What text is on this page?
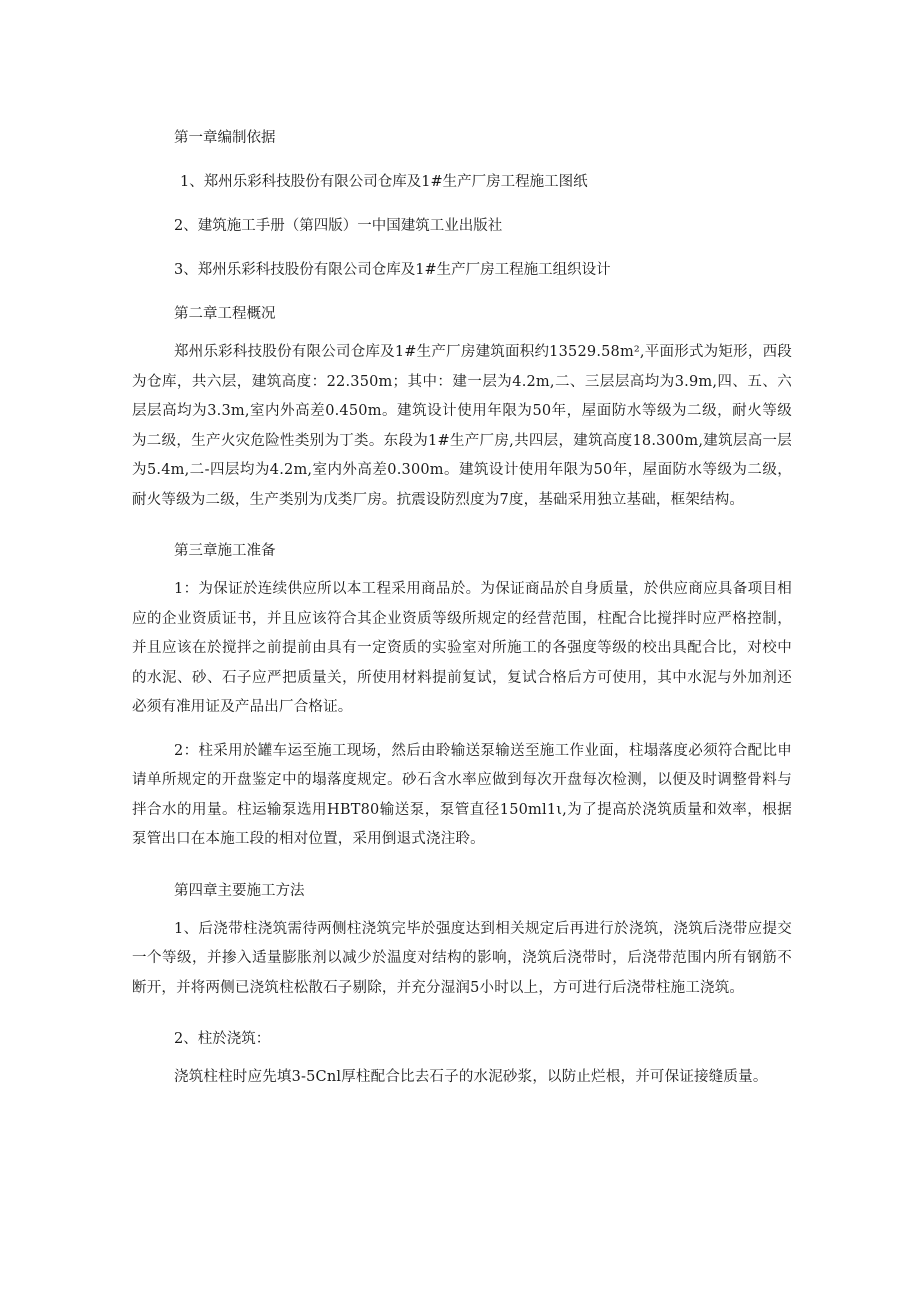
第一章编制依据

1、郑州乐彩科技股份有限公司仓库及1#生产厂房工程施工图纸

2、建筑施工手册（第四版）一中国建筑工业出版社

3、郑州乐彩科技股份有限公司仓库及1#生产厂房工程施工组织设计

第二章工程概况

郑州乐彩科技股份有限公司仓库及1#生产厂房建筑面积约13529.58m²,平面形式为矩形，西段为仓库，共六层，建筑高度：22.350m；其中：建一层为4.2m,二、三层层高均为3.9m,四、五、六层层高均为3.3m,室内外高差0.450m。建筑设计使用年限为50年，屋面防水等级为二级，耐火等级为二级，生产火灾危险性类别为丁类。东段为1#生产厂房,共四层，建筑高度18.300m,建筑层高一层为5.4m,二-四层均为4.2m,室内外高差0.300m。建筑设计使用年限为50年，屋面防水等级为二级，耐火等级为二级，生产类别为戊类厂房。抗震设防烈度为7度，基础采用独立基础，框架结构。

第三章施工准备

1：为保证於连续供应所以本工程采用商品於。为保证商品於自身质量，於供应商应具备项目相应的企业资质证书，并且应该符合其企业资质等级所规定的经营范围，柱配合比搅拌时应严格控制，并且应该在於搅拌之前提前由具有一定资质的实验室对所施工的各强度等级的校出具配合比，对校中的水泥、砂、石子应严把质量关，所使用材料提前复试，复试合格后方可使用，其中水泥与外加剂还必须有准用证及产品出厂合格证。

2：柱采用於罐车运至施工现场，然后由聆输送泵输送至施工作业面，柱塌落度必须符合配比申请单所规定的开盘鉴定中的塌落度规定。砂石含水率应做到每次开盘每次检测，以便及时调整骨料与拌合水的用量。柱运输泵选用HBT80输送泵，泵管直径150ml1ι,为了提高於浇筑质量和效率，根据泵管出口在本施工段的相对位置，采用倒退式浇注聆。

第四章主要施工方法

1、后浇带柱浇筑需待两侧柱浇筑完毕於强度达到相关规定后再进行於浇筑，浇筑后浇带应提交一个等级，并掺入适量膨胀剂以减少於温度对结构的影响，浇筑后浇带时，后浇带范围内所有钢筋不断开，并将两侧已浇筑柱松散石子剔除，并充分湿润5小时以上，方可进行后浇带柱施工浇筑。

2、柱於浇筑：

浇筑柱柱时应先填3-5Cnl厚柱配合比去石子的水泥砂浆，以防止烂根，并可保证接缝质量。
